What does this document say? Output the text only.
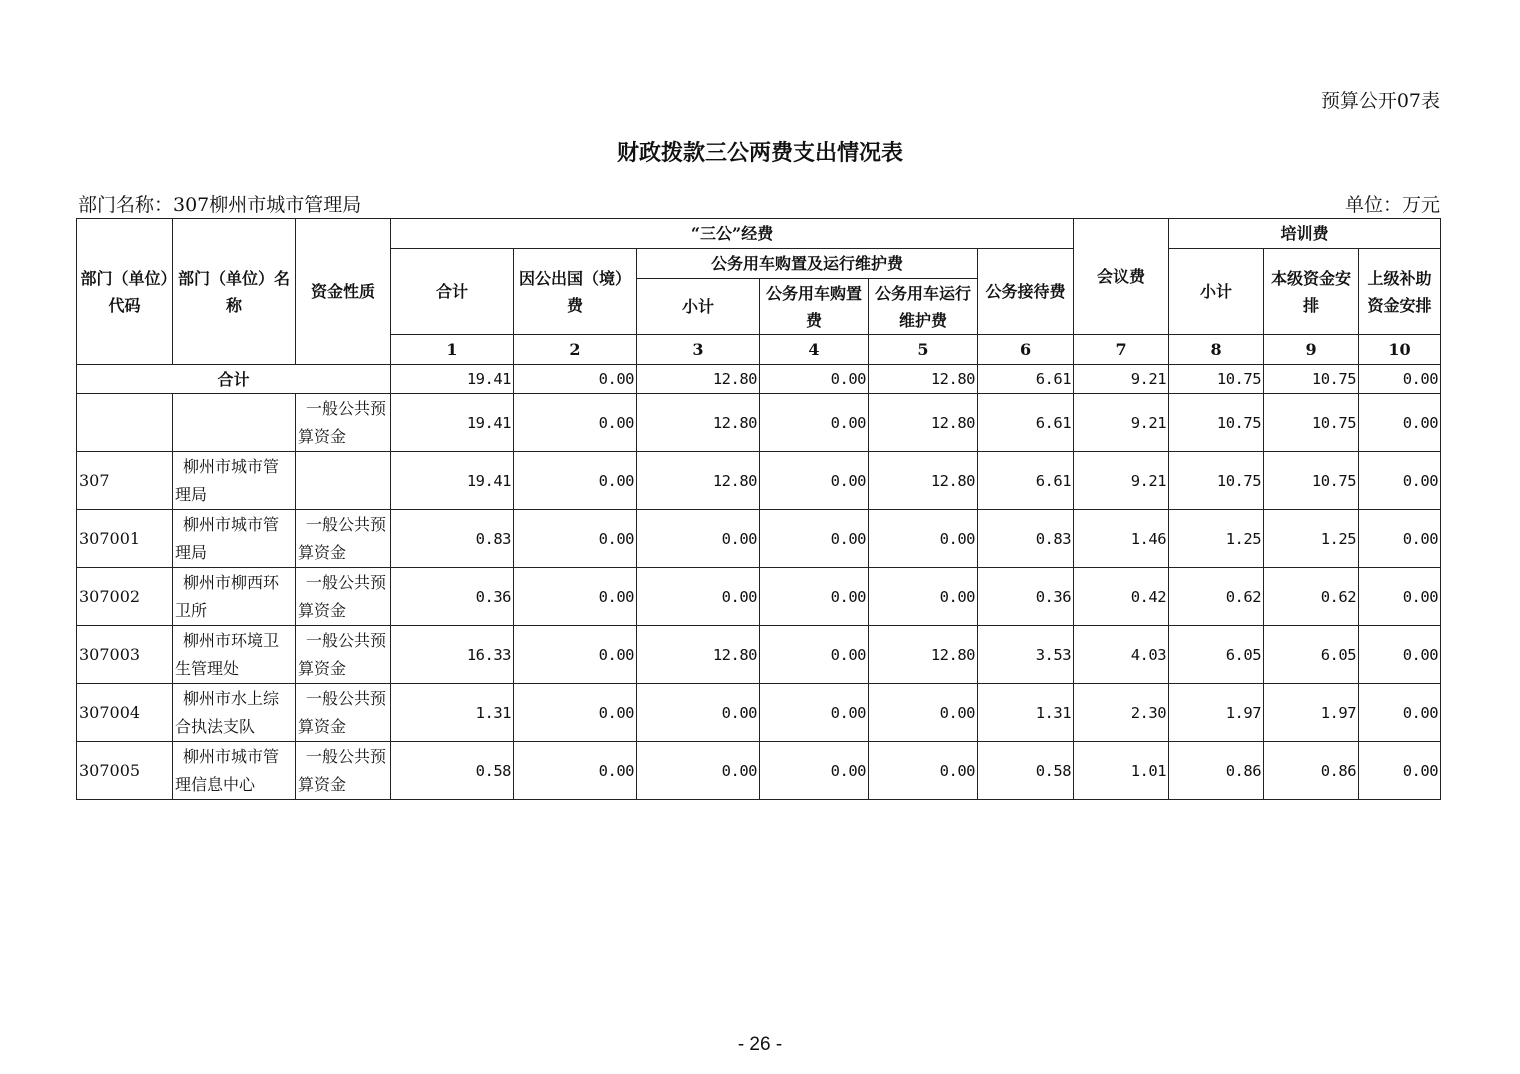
预算公开07表
财政拨款三公两费支出情况表
部门名称：307柳州市城市管理局	单位：万元
部门（单位）代码	部门（单位）名称	资金性质	“三公”经费						会议费	培训费		
			合计	因公出国（境）费	公务用车购置及运行维护费			公务接待费		小计	本级资金安排	上级补助资金安排
					小计	公务用车购置费	公务用车运行维护费					
			1	2	3	4	5	6	7	8	9	10
合计			19.41	0.00	12.80	0.00	12.80	6.61	9.21	10.75	10.75	0.00
		一般公共预算资金	19.41	0.00	12.80	0.00	12.80	6.61	9.21	10.75	10.75	0.00
307	柳州市城市管理局		19.41	0.00	12.80	0.00	12.80	6.61	9.21	10.75	10.75	0.00
307001	柳州市城市管理局	一般公共预算资金	0.83	0.00	0.00	0.00	0.00	0.83	1.46	1.25	1.25	0.00
307002	柳州市柳西环卫所	一般公共预算资金	0.36	0.00	0.00	0.00	0.00	0.36	0.42	0.62	0.62	0.00
307003	柳州市环境卫生管理处	一般公共预算资金	16.33	0.00	12.80	0.00	12.80	3.53	4.03	6.05	6.05	0.00
307004	柳州市水上综合执法支队	一般公共预算资金	1.31	0.00	0.00	0.00	0.00	1.31	2.30	1.97	1.97	0.00
307005	柳州市城市管理信息中心	一般公共预算资金	0.58	0.00	0.00	0.00	0.00	0.58	1.01	0.86	0.86	0.00
- 26 -
